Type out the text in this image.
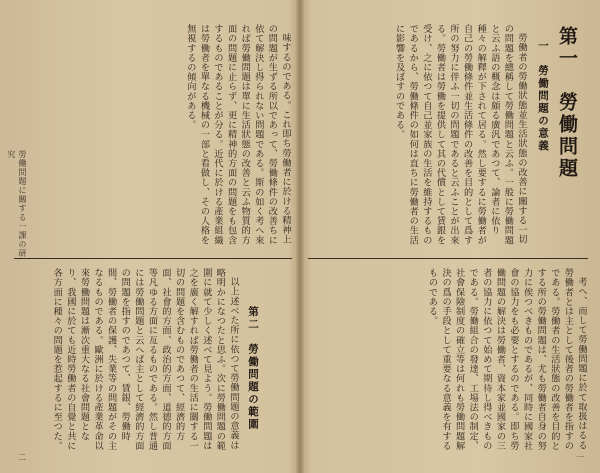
勞働問題に關する一課の研究	味するのである。これ即ち勞働者に於ける精神上の問題が生ずる所以であって、勞働條件の改善ちに依て解決し得られない問題である。斯の如く考へ來れば勞働問題は單に生活狀態の改善と云ふ物質的方面の問題に止らず、更に精神的方面の問題をも包含するものであることが分る。近代に於ける產業組織は勞働者を單なる機械の一部と看做し、その人格を無視するの傾向がある。

以上述べた所に依つて勞働問題の意義は略明かになつたと思ふ。次に勞働問題の範圍に就て少しく述べて見よう。勞働問題は之を廣く解すれば勞働者の生活に關する一切の問題を含むものであつて、經濟的方面、社會的方面、政治的方面、道德的方面等凡ゆる方面に亙るものである。然し普通には勞働問題と云へば主として經濟的方面の問題を指すのであつて、賃銀、勞働時間、勞働者の保護、失業等の問題がその主なるものである。歐洲に於ける產業革命以來勞働問題は漸次重大なる社會問題となり、我國に於ても近時勞働者の自覺と共に各方面に種々の問題を惹起するに至つた。	第二　勞働問題の範圍
二
第一　勞働問題
一　勞働問題の意義

勞働者の勞働狀態並生活狀態の改善に關する一切の問題を總稱して勞働問題と云ふ。一般に勞働問題と云ふ語の概念は頗る廣汎であつて、論者に依り種々の解釋が下されて居る。然し要するに勞働者が自己の勞働條件並生活條件の改善を目的として爲す所の努力に伴ふ一切の問題であると云ふことが出來る。勞働者は勞働を提供して其の代償として賃銀を受け、之に依つて自己並家族の生活を維持するものであるから、勞働條件の如何は直ちに勞働者の生活に影響を及ぼすのである。

考へ、而して勞働問題に於て取扱はるる勞働者とは主として後者の勞働者を指すのである。勞働者の生活狀態の改善を目的とする所の勞働問題は、尤も勞働者自身の努力に俟つべきものであるが、同時に國家社會の協力をも必要とするのである。即ち勞働問題の解決は勞働者、資本家並國家の三者の協力に依つて始めて期待し得べきものである。勞働組合の發達、工場法の制定、社會保險制度の確立等は何れも勞働問題解決の爲の手段として重要なる意義を有するものである。

一
